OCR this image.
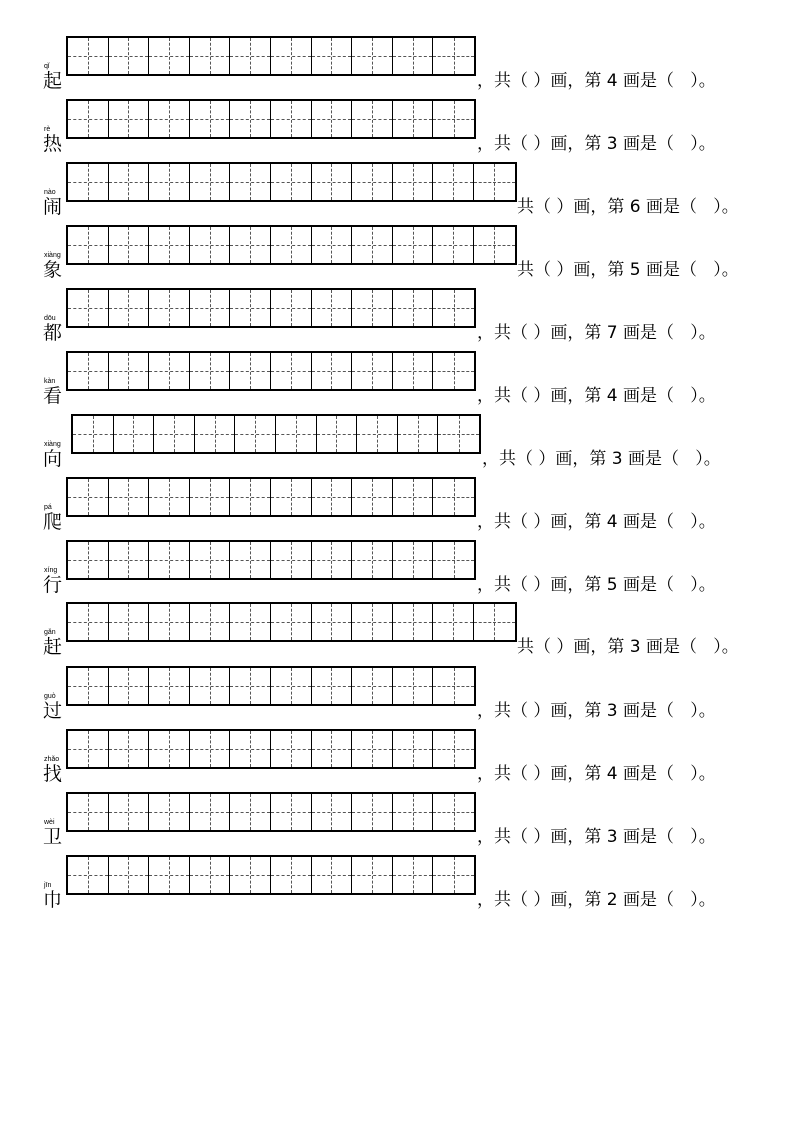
qǐ
起	，共（ ）画，第 4 画是（   ）。
rè
热	，共（ ）画，第 3 画是（   ）。
nào
闹	共（ ）画，第 6 画是（   ）。
xiàng
象	共（ ）画，第 5 画是（   ）。
dōu
都	，共（ ）画，第 7 画是（   ）。
kàn
看	，共（ ）画，第 4 画是（   ）。
xiàng
向	，共（ ）画，第 3 画是（   ）。
pá
爬	，共（ ）画，第 4 画是（   ）。
xíng
行	，共（ ）画，第 5 画是（   ）。
gǎn
赶	共（ ）画，第 3 画是（   ）。
guò
过	，共（ ）画，第 3 画是（   ）。
zhǎo
找	，共（ ）画，第 4 画是（   ）。
wèi
卫	，共（ ）画，第 3 画是（   ）。
jīn
巾	，共（ ）画，第 2 画是（   ）。
